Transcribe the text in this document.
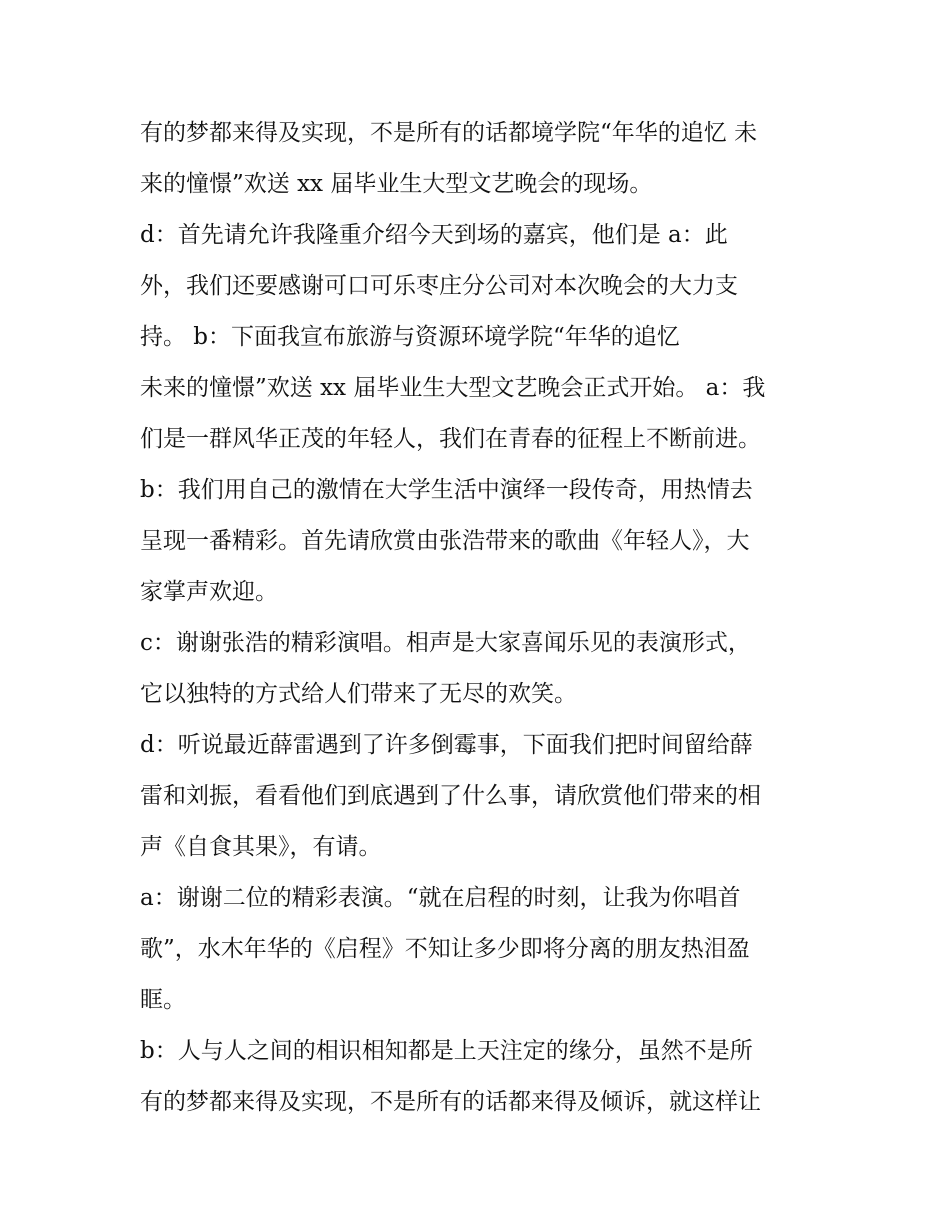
有的梦都来得及实现，不是所有的话都境学院“年华的追忆 未
来的憧憬”欢送 xx 届毕业生大型文艺晚会的现场。
d：首先请允许我隆重介绍今天到场的嘉宾，他们是 a：此
外，我们还要感谢可口可乐枣庄分公司对本次晚会的大力支
持。 b：下面我宣布旅游与资源环境学院“年华的追忆
未来的憧憬”欢送 xx 届毕业生大型文艺晚会正式开始。 a：我
们是一群风华正茂的年轻人，我们在青春的征程上不断前进。
b：我们用自己的激情在大学生活中演绎一段传奇，用热情去
呈现一番精彩。首先请欣赏由张浩带来的歌曲《年轻人》，大
家掌声欢迎。
c：谢谢张浩的精彩演唱。相声是大家喜闻乐见的表演形式，
它以独特的方式给人们带来了无尽的欢笑。
d：听说最近薛雷遇到了许多倒霉事，下面我们把时间留给薛
雷和刘振，看看他们到底遇到了什么事，请欣赏他们带来的相
声《自食其果》，有请。
a：谢谢二位的精彩表演。“就在启程的时刻，让我为你唱首
歌”，水木年华的《启程》不知让多少即将分离的朋友热泪盈
眶。
b：人与人之间的相识相知都是上天注定的缘分，虽然不是所
有的梦都来得及实现，不是所有的话都来得及倾诉，就这样让
